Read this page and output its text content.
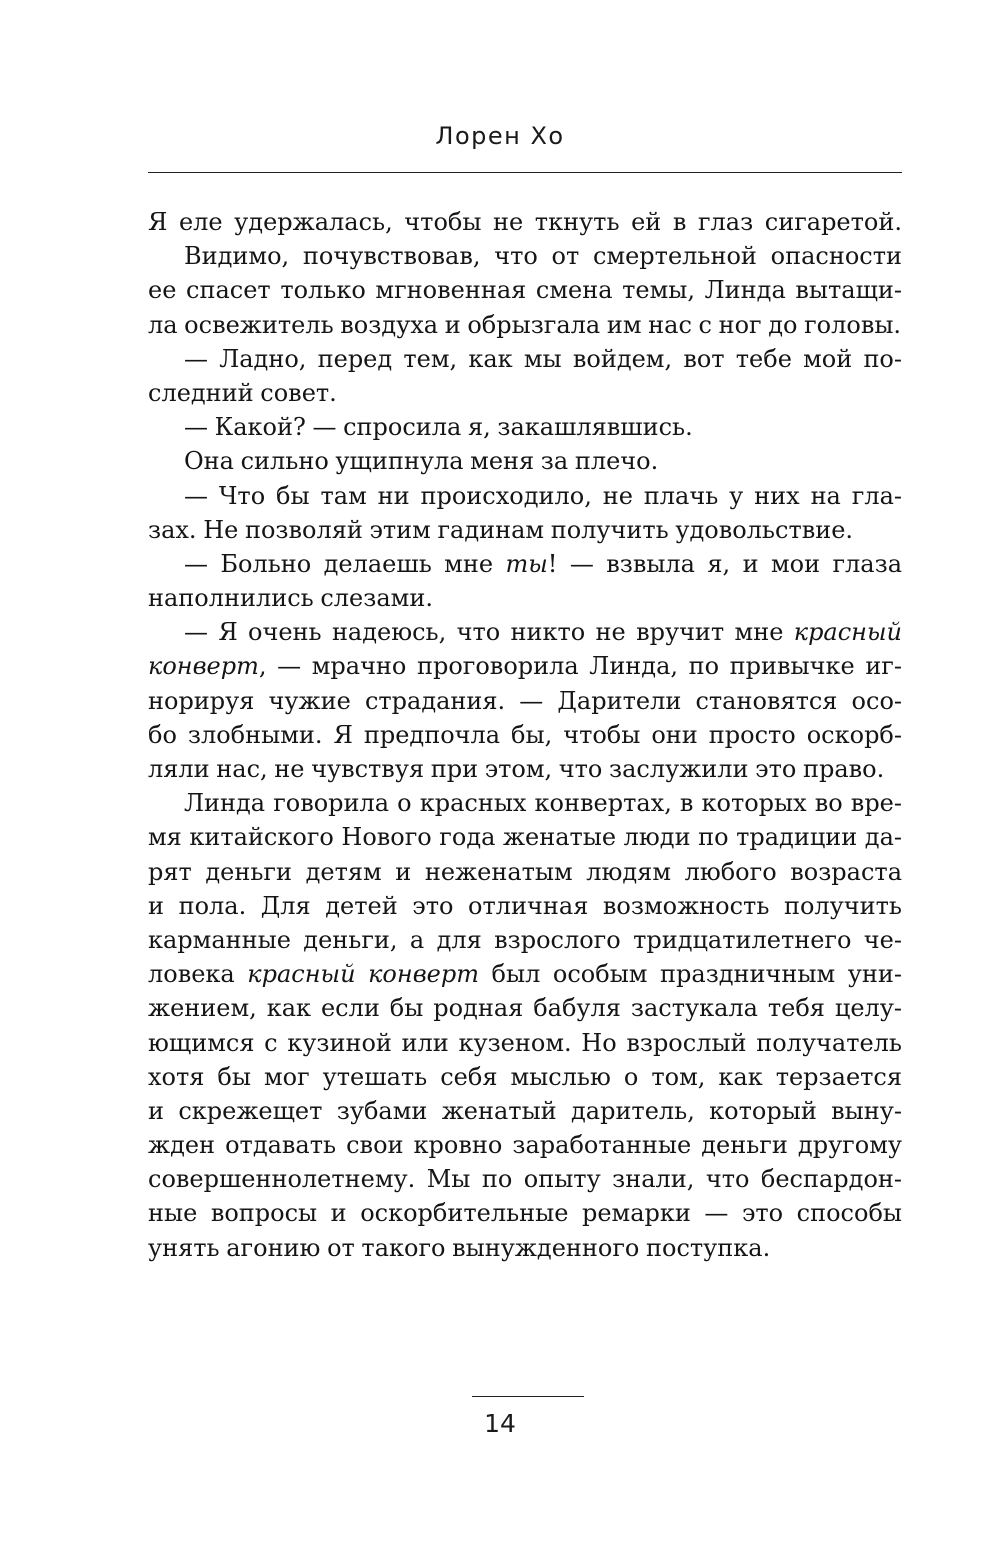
Лорен Хо
Я еле удержалась, чтобы не ткнуть ей в глаз сигаретой.
Видимо, почувствовав, что от смертельной опасности
ее спасет только мгновенная смена темы, Линда вытащи-
ла освежитель воздуха и обрызгала им нас с ног до головы.
— Ладно, перед тем, как мы войдем, вот тебе мой по-
следний совет.
— Какой? — спросила я, закашлявшись.
Она сильно ущипнула меня за плечо.
— Что бы там ни происходило, не плачь у них на гла-
зах. Не позволяй этим гадинам получить удовольствие.
— Больно делаешь мне ты! — взвыла я, и мои глаза
наполнились слезами.
— Я очень надеюсь, что никто не вручит мне красный
конверт, — мрачно проговорила Линда, по привычке иг-
норируя чужие страдания. — Дарители становятся осо-
бо злобными. Я предпочла бы, чтобы они просто оскорб-
ляли нас, не чувствуя при этом, что заслужили это право.
Линда говорила о красных конвертах, в которых во вре-
мя китайского Нового года женатые люди по традиции да-
рят деньги детям и неженатым людям любого возраста
и пола. Для детей это отличная возможность получить
карманные деньги, а для взрослого тридцатилетнего че-
ловека красный конверт был особым праздничным уни-
жением, как если бы родная бабуля застукала тебя целу-
ющимся с кузиной или кузеном. Но взрослый получатель
хотя бы мог утешать себя мыслью о том, как терзается
и скрежещет зубами женатый даритель, который выну-
жден отдавать свои кровно заработанные деньги другому
совершеннолетнему. Мы по опыту знали, что беспардон-
ные вопросы и оскорбительные ремарки — это способы
унять агонию от такого вынужденного поступка.
14
